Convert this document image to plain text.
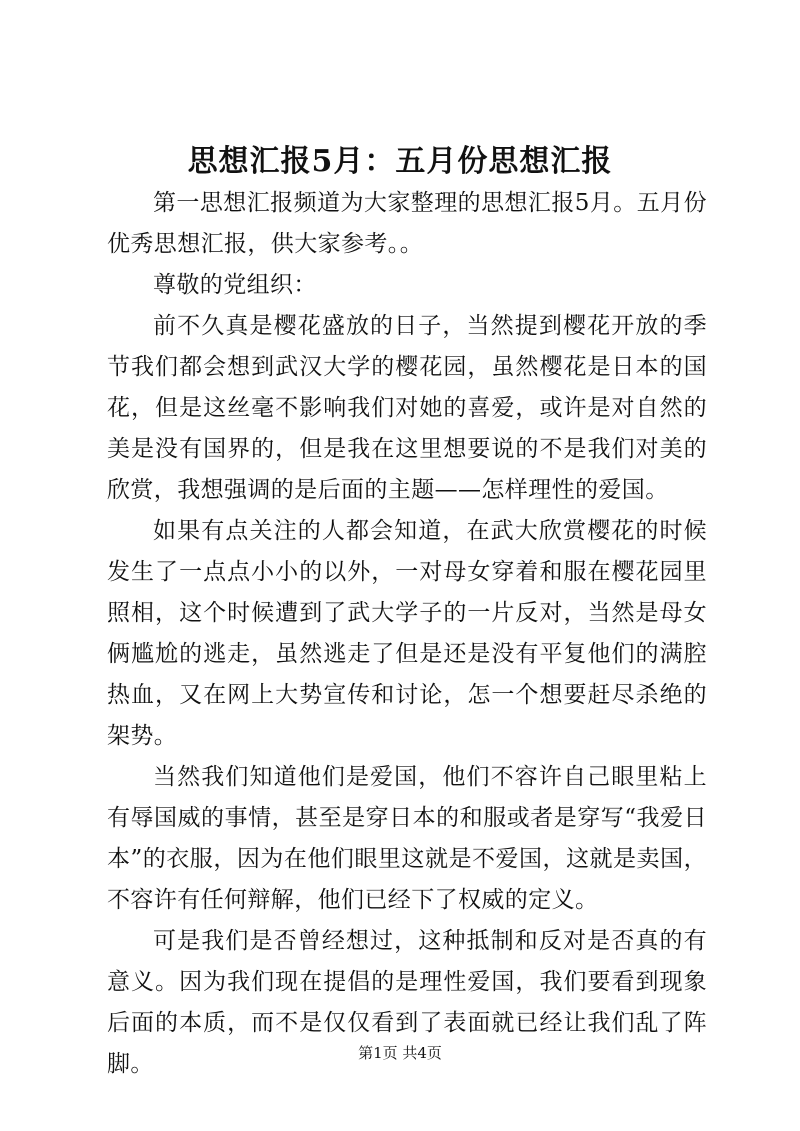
思想汇报5月：五月份思想汇报

第一思想汇报频道为大家整理的思想汇报5月。五月份优秀思想汇报，供大家参考。。

尊敬的党组织：

前不久真是樱花盛放的日子，当然提到樱花开放的季节我们都会想到武汉大学的樱花园，虽然樱花是日本的国花，但是这丝毫不影响我们对她的喜爱，或许是对自然的美是没有国界的，但是我在这里想要说的不是我们对美的欣赏，我想强调的是后面的主题——怎样理性的爱国。

如果有点关注的人都会知道，在武大欣赏樱花的时候发生了一点点小小的以外，一对母女穿着和服在樱花园里照相，这个时候遭到了武大学子的一片反对，当然是母女俩尴尬的逃走，虽然逃走了但是还是没有平复他们的满腔热血，又在网上大势宣传和讨论，怎一个想要赶尽杀绝的架势。

当然我们知道他们是爱国，他们不容许自己眼里粘上有辱国威的事情，甚至是穿日本的和服或者是穿写“我爱日本”的衣服，因为在他们眼里这就是不爱国，这就是卖国，不容许有任何辩解，他们已经下了权威的定义。

可是我们是否曾经想过，这种抵制和反对是否真的有意义。因为我们现在提倡的是理性爱国，我们要看到现象后面的本质，而不是仅仅看到了表面就已经让我们乱了阵脚。	第1页 共4页
